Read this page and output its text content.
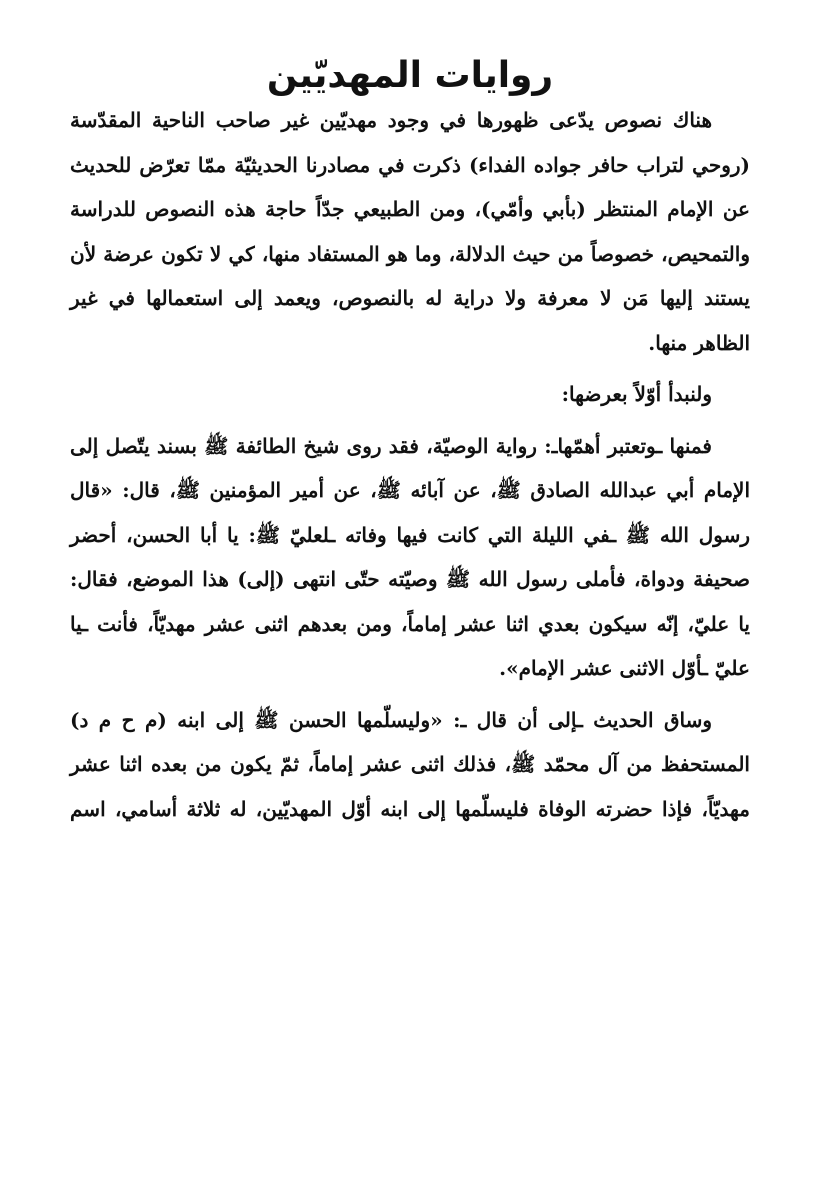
روايات المهديّين

هناك نصوص يدّعى ظهورها في وجود مهديّين غير صاحب الناحية المقدّسة (روحي لتراب حافر جواده الفداء) ذكرت في مصادرنا الحديثيّة ممّا تعرّض للحديث عن الإمام المنتظر (بأبي وأمّي)، ومن الطبيعي جدّاً حاجة هذه النصوص للدراسة والتمحيص، خصوصاً من حيث الدلالة، وما هو المستفاد منها، كي لا تكون عرضة لأن يستند إليها مَن لا معرفة ولا دراية له بالنصوص، ويعمد إلى استعمالها في غير الظاهر منها.

ولنبدأ أوّلاً بعرضها:

فمنها ـوتعتبر أهمّهاـ: رواية الوصيّة، فقد روى شيخ الطائفة ﷺ بسند يتّصل إلى الإمام أبي عبدالله الصادق ﷺ، عن آبائه ﷺ، عن أمير المؤمنين ﷺ، قال: «قال رسول الله ﷺ ـفي الليلة التي كانت فيها وفاته ـلعليّ ﷺ: يا أبا الحسن، أحضر صحيفة ودواة، فأملى رسول الله ﷺ وصيّته حتّى انتهى (إلى) هذا الموضع، فقال: يا عليّ، إنّه سيكون بعدي اثنا عشر إماماً، ومن بعدهم اثنى عشر مهديّاً، فأنت ـيا عليّ ـأوّل الاثنى عشر الإمام».

وساق الحديث ـإلى أن قال ـ: «وليسلّمها الحسن ﷺ إلى ابنه (م ح م د) المستحفظ من آل محمّد ﷺ، فذلك اثنى عشر إماماً، ثمّ يكون من بعده اثنا عشر مهديّاً، فإذا حضرته الوفاة فليسلّمها إلى ابنه أوّل المهديّين، له ثلاثة أسامي، اسم
